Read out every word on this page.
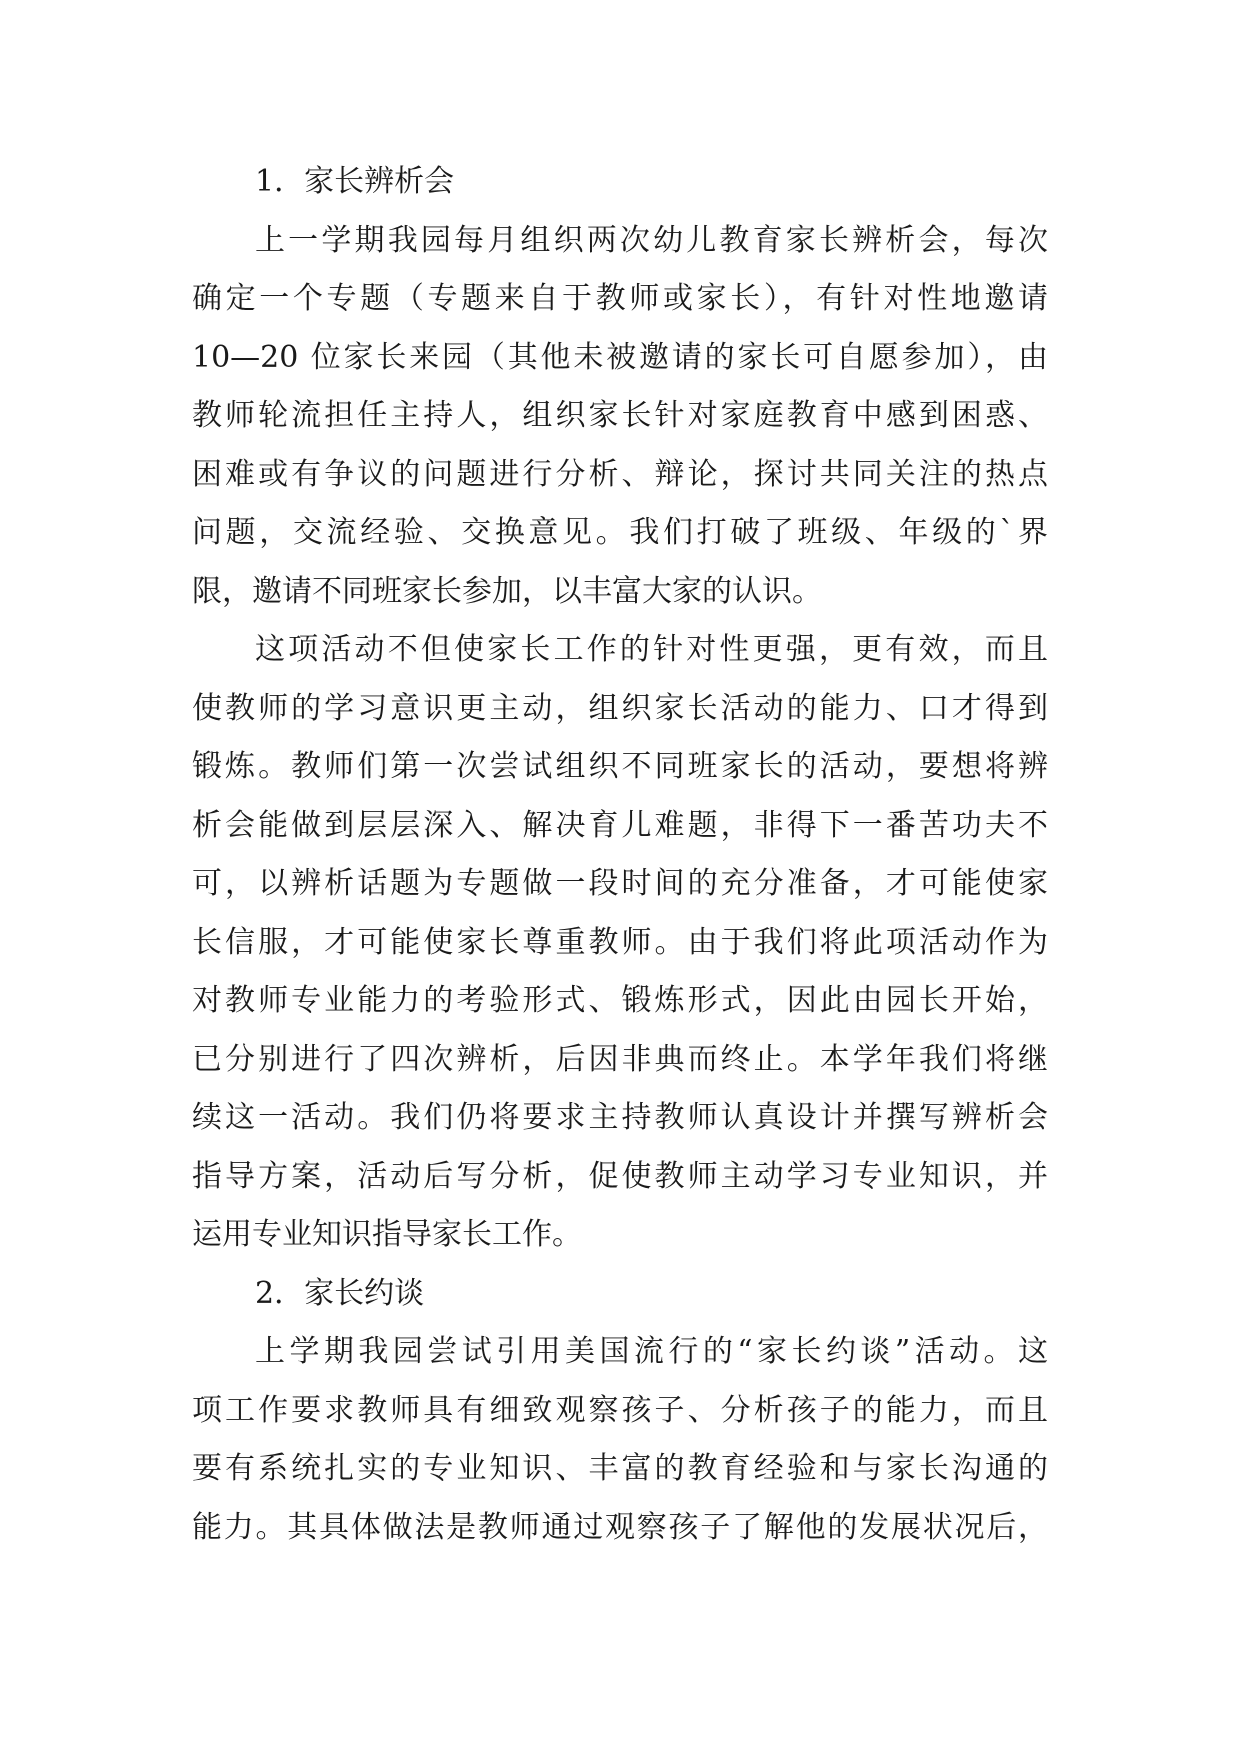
1．家长辨析会
上一学期我园每月组织两次幼儿教育家长辨析会，每次
确定一个专题（专题来自于教师或家长），有针对性地邀请
10—20 位家长来园（其他未被邀请的家长可自愿参加），由
教师轮流担任主持人，组织家长针对家庭教育中感到困惑、
困难或有争议的问题进行分析、辩论，探讨共同关注的热点
问题，交流经验、交换意见。我们打破了班级、年级的`界
限，邀请不同班家长参加，以丰富大家的认识。
这项活动不但使家长工作的针对性更强，更有效，而且
使教师的学习意识更主动，组织家长活动的能力、口才得到
锻炼。教师们第一次尝试组织不同班家长的活动，要想将辨
析会能做到层层深入、解决育儿难题，非得下一番苦功夫不
可，以辨析话题为专题做一段时间的充分准备，才可能使家
长信服，才可能使家长尊重教师。由于我们将此项活动作为
对教师专业能力的考验形式、锻炼形式，因此由园长开始，
已分别进行了四次辨析，后因非典而终止。本学年我们将继
续这一活动。我们仍将要求主持教师认真设计并撰写辨析会
指导方案，活动后写分析，促使教师主动学习专业知识，并
运用专业知识指导家长工作。
2．家长约谈
上学期我园尝试引用美国流行的“家长约谈”活动。这
项工作要求教师具有细致观察孩子、分析孩子的能力，而且
要有系统扎实的专业知识、丰富的教育经验和与家长沟通的
能力。其具体做法是教师通过观察孩子了解他的发展状况后，
